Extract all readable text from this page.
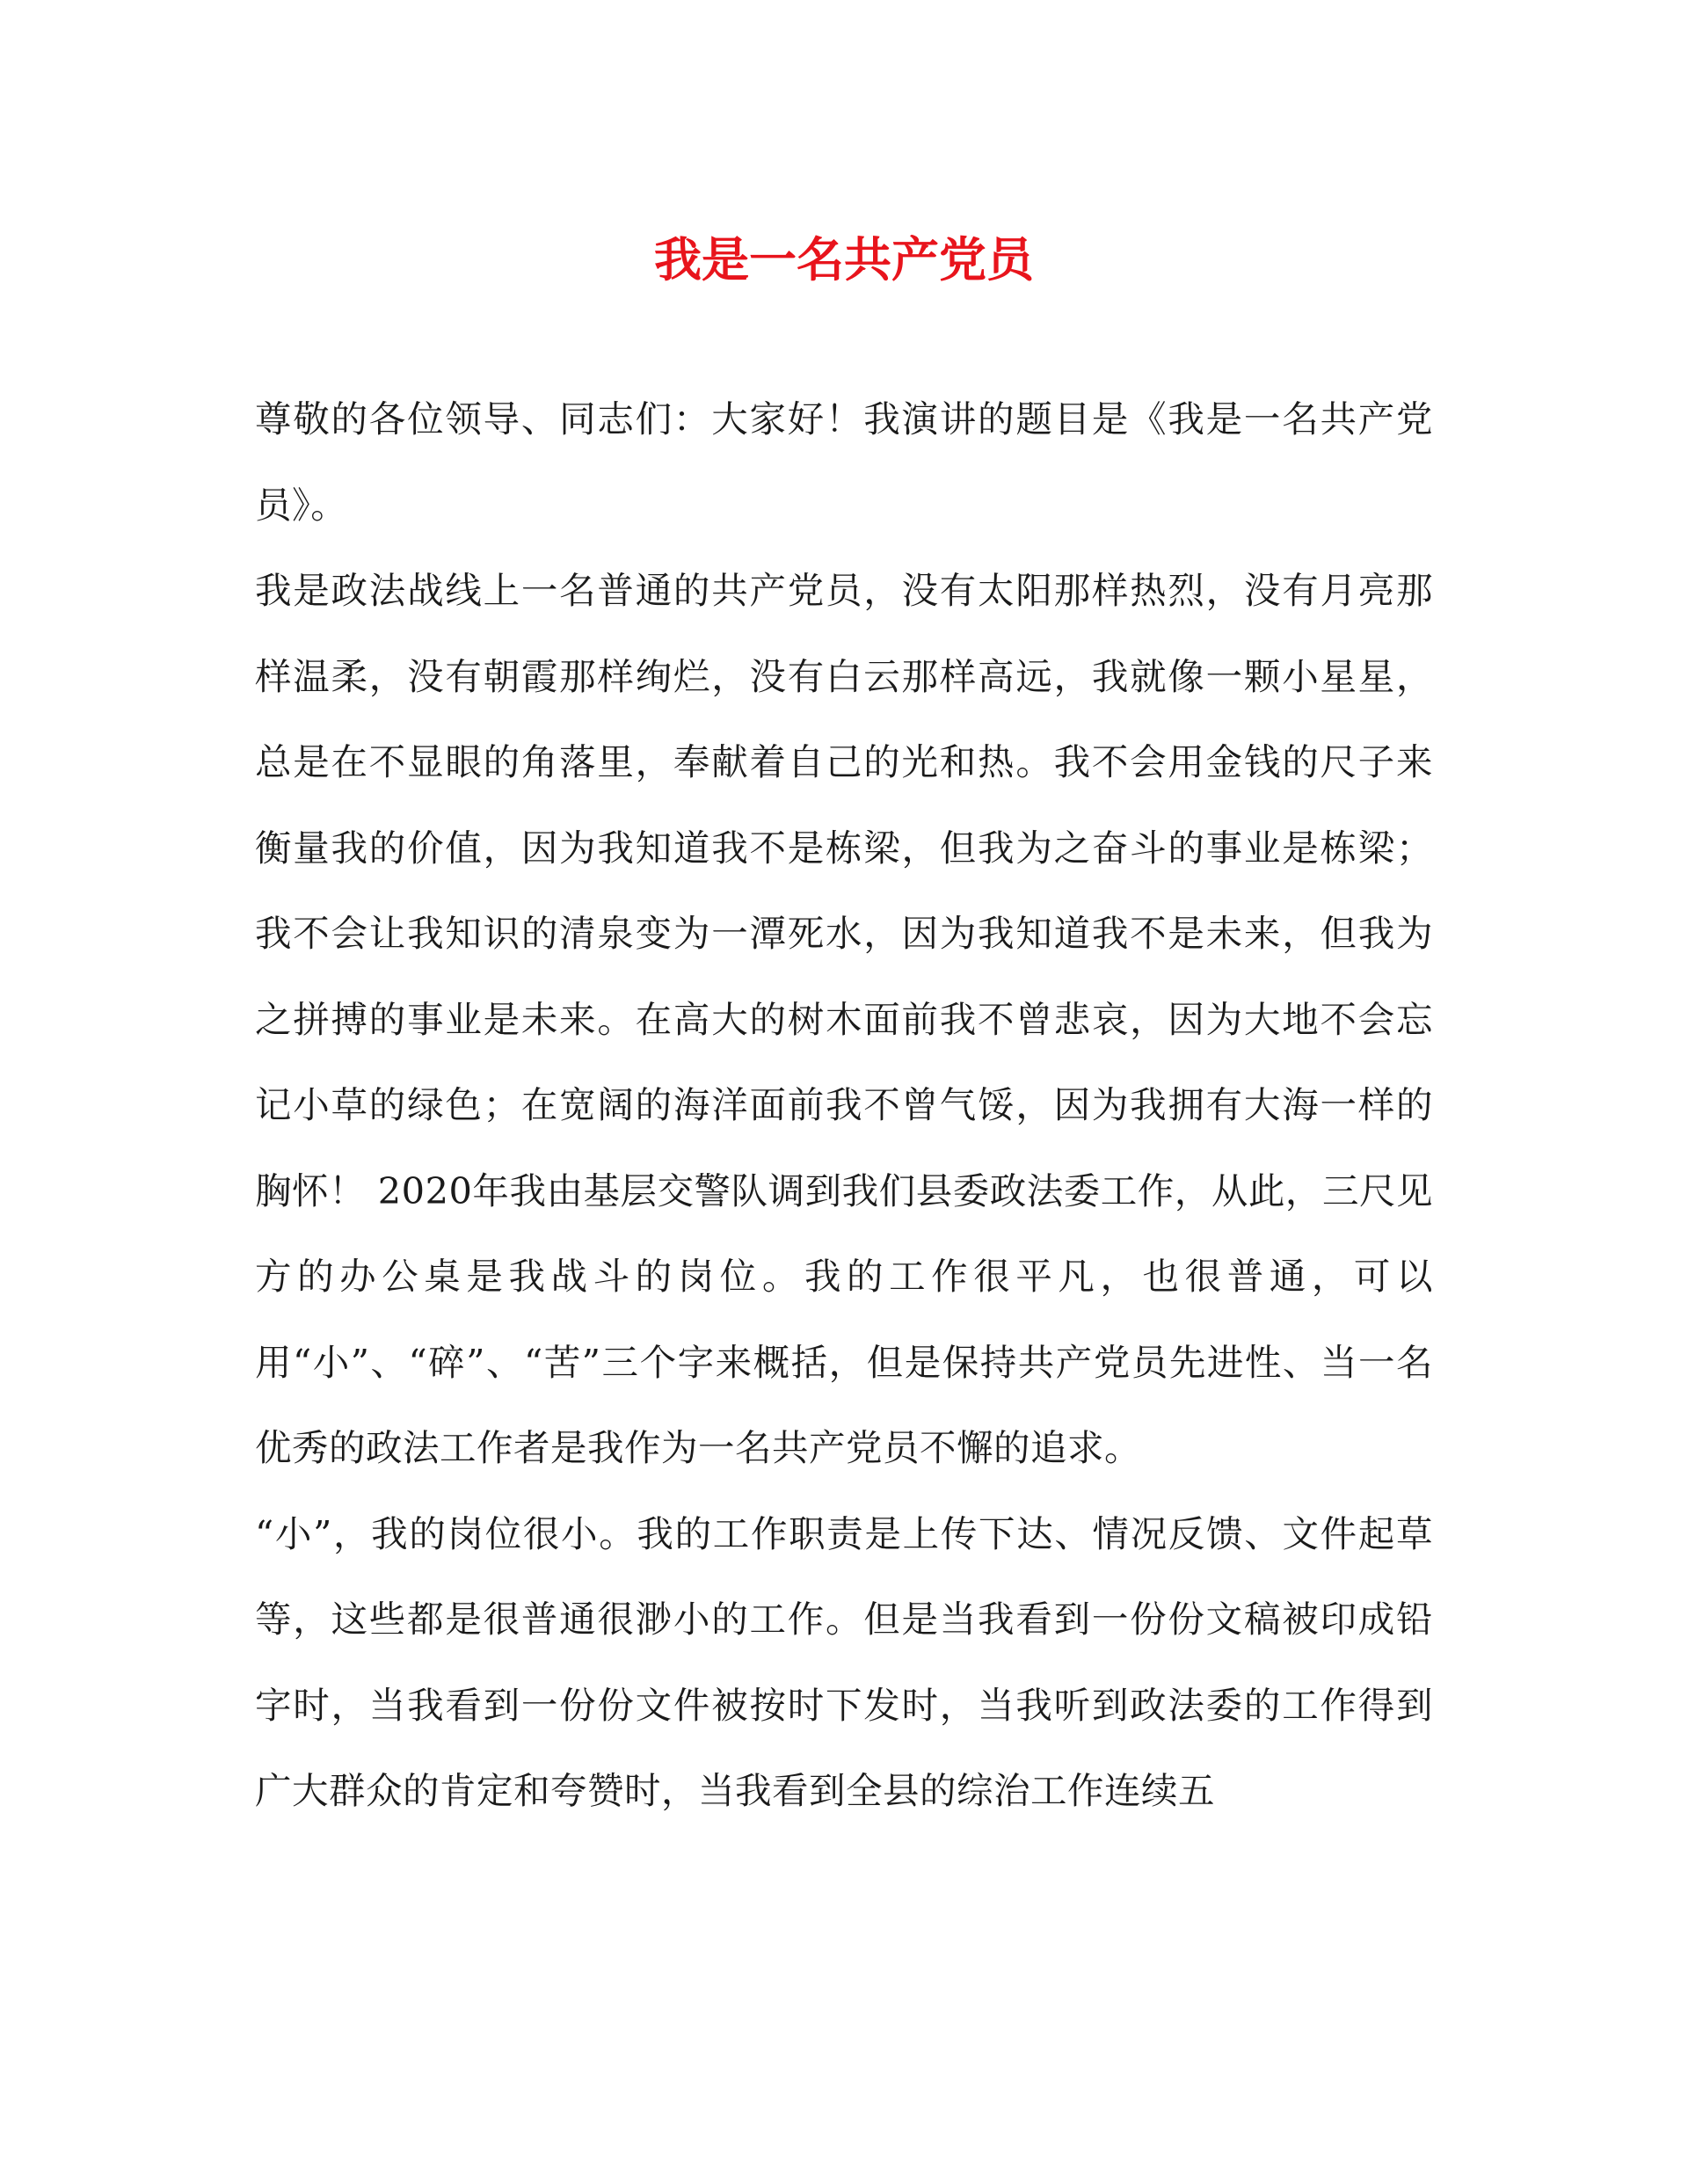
我是一名共产党员

尊敬的各位领导、同志们：大家好！我演讲的题目是《我是一名共产党员》。

我是政法战线上一名普通的共产党员，没有太阳那样热烈，没有月亮那样温柔，没有朝霞那样绚烂，没有白云那样高远，我就像一颗小星星，总是在不显眼的角落里，奉献着自己的光和热。我不会用金钱的尺子来衡量我的价值，因为我知道我不是栋梁，但我为之奋斗的事业是栋梁；我不会让我知识的清泉变为一潭死水，因为我知道我不是未来，但我为之拼搏的事业是未来。在高大的树木面前我不曾悲哀，因为大地不会忘记小草的绿色；在宽阔的海洋面前我不曾气馁，因为我拥有大海一样的胸怀！ 2020年我由基层交警队调到我们县委政法委工作，从此，三尺见方的办公桌是我战斗的岗位。我的工作很平凡，也很普通，可以用“小”、“碎”、“苦”三个字来概括，但是保持共产党员先进性、当一名优秀的政法工作者是我作为一名共产党员不懈的追求。

“小”，我的岗位很小。我的工作职责是上传下达、情况反馈、文件起草等，这些都是很普通很渺小的工作。但是当我看到一份份文稿被印成铅字时，当我看到一份份文件被按时下发时，当我听到政法委的工作得到广大群众的肯定和夸赞时，当我看到全县的综治工作连续五
